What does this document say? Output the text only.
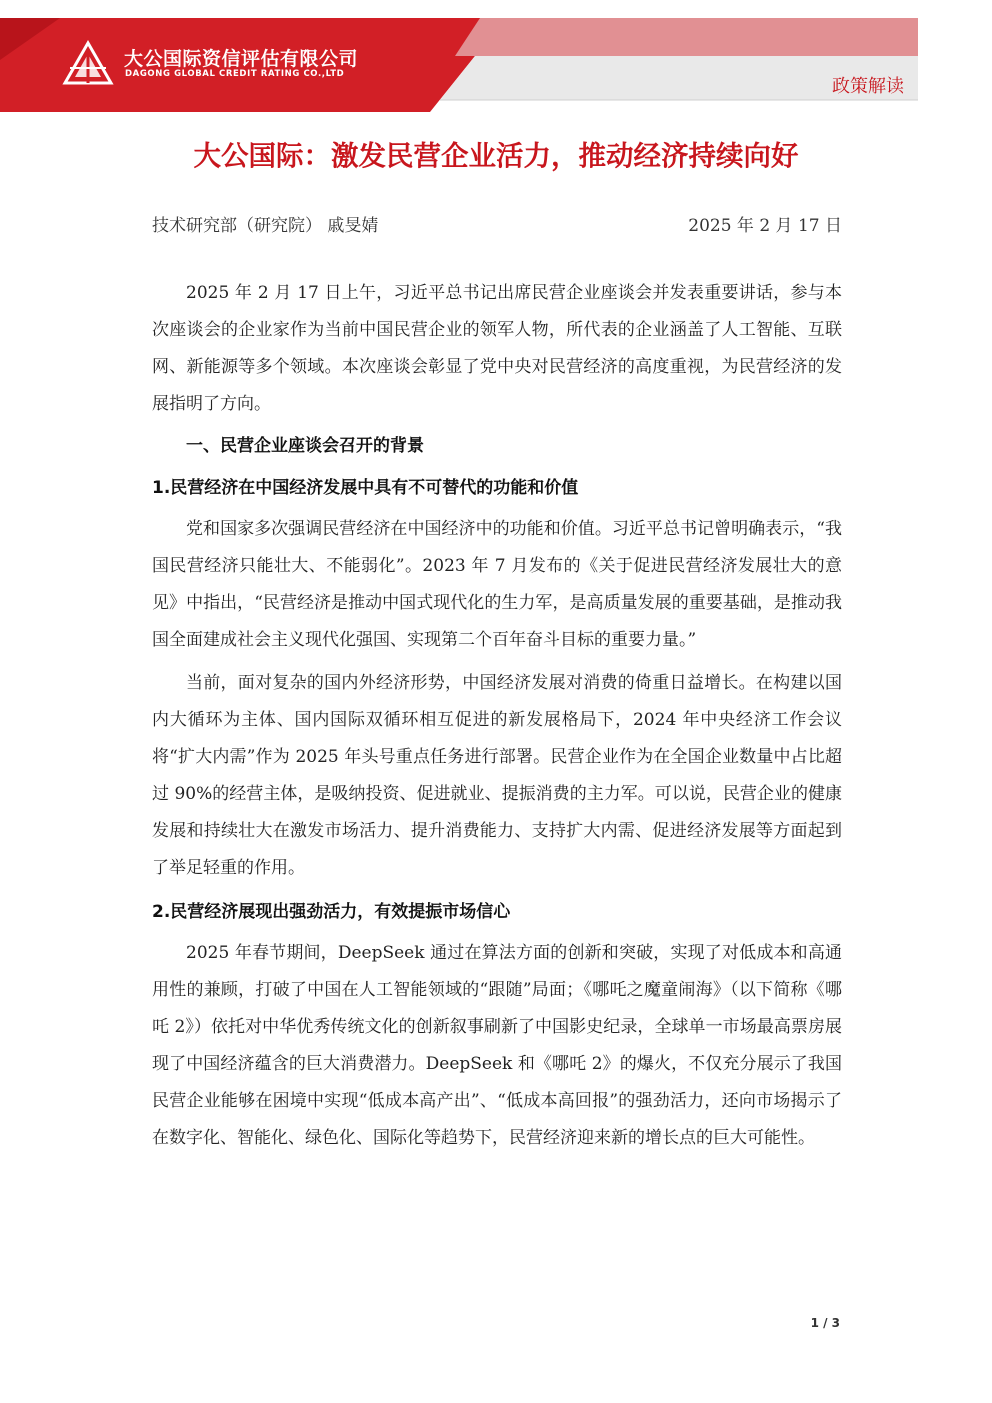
大公国际资信评估有限公司
DAGONG GLOBAL CREDIT RATING CO.,LTD
政策解读
大公国际：激发民营企业活力，推动经济持续向好
技术研究部（研究院） 戚旻婧	2025 年 2 月 17 日

2025 年 2 月 17 日上午，习近平总书记出席民营企业座谈会并发表重要讲话，参与本次座谈会的企业家作为当前中国民营企业的领军人物，所代表的企业涵盖了人工智能、互联网、新能源等多个领域。本次座谈会彰显了党中央对民营经济的高度重视，为民营经济的发展指明了方向。

一、民营企业座谈会召开的背景
1.民营经济在中国经济发展中具有不可替代的功能和价值

党和国家多次强调民营经济在中国经济中的功能和价值。习近平总书记曾明确表示，“我国民营经济只能壮大、不能弱化”。2023 年 7 月发布的《关于促进民营经济发展壮大的意见》中指出，“民营经济是推动中国式现代化的生力军，是高质量发展的重要基础，是推动我国全面建成社会主义现代化强国、实现第二个百年奋斗目标的重要力量。”

当前，面对复杂的国内外经济形势，中国经济发展对消费的倚重日益增长。在构建以国内大循环为主体、国内国际双循环相互促进的新发展格局下，2024 年中央经济工作会议将“扩大内需”作为 2025 年头号重点任务进行部署。民营企业作为在全国企业数量中占比超过 90%的经营主体，是吸纳投资、促进就业、提振消费的主力军。可以说，民营企业的健康发展和持续壮大在激发市场活力、提升消费能力、支持扩大内需、促进经济发展等方面起到了举足轻重的作用。

2.民营经济展现出强劲活力，有效提振市场信心

2025 年春节期间，DeepSeek 通过在算法方面的创新和突破，实现了对低成本和高通用性的兼顾，打破了中国在人工智能领域的“跟随”局面；《哪吒之魔童闹海》（以下简称《哪吒 2》）依托对中华优秀传统文化的创新叙事刷新了中国影史纪录，全球单一市场最高票房展现了中国经济蕴含的巨大消费潜力。DeepSeek 和《哪吒 2》的爆火，不仅充分展示了我国民营企业能够在困境中实现“低成本高产出”、“低成本高回报”的强劲活力，还向市场揭示了在数字化、智能化、绿色化、国际化等趋势下，民营经济迎来新的增长点的巨大可能性。

1 / 3
